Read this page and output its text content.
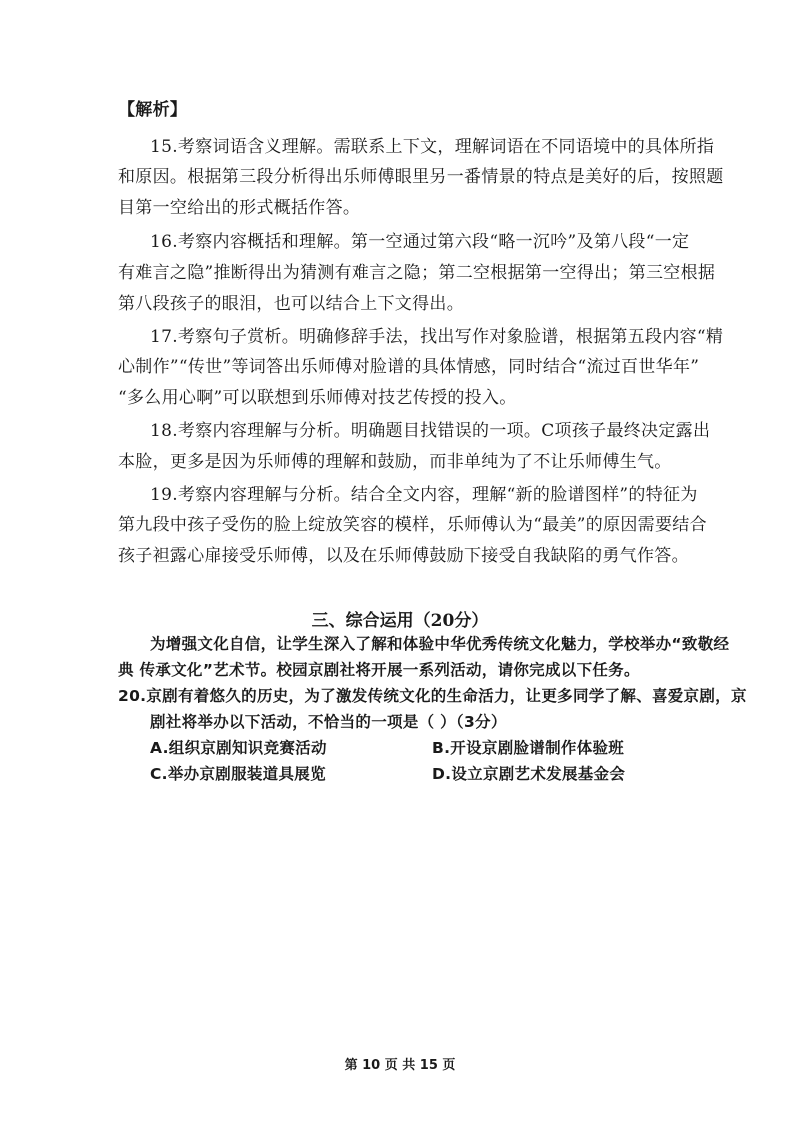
【解析】
15.考察词语含义理解。需联系上下文，理解词语在不同语境中的具体所指
和原因。根据第三段分析得出乐师傅眼里另一番情景的特点是美好的后，按照题
目第一空给出的形式概括作答。
16.考察内容概括和理解。第一空通过第六段“略一沉吟”及第八段“一定
有难言之隐”推断得出为猜测有难言之隐；第二空根据第一空得出；第三空根据
第八段孩子的眼泪，也可以结合上下文得出。
17.考察句子赏析。明确修辞手法，找出写作对象脸谱，根据第五段内容“精
心制作”“传世”等词答出乐师傅对脸谱的具体情感，同时结合“流过百世华年”
“多么用心啊”可以联想到乐师傅对技艺传授的投入。
18.考察内容理解与分析。明确题目找错误的一项。C项孩子最终决定露出
本脸，更多是因为乐师傅的理解和鼓励，而非单纯为了不让乐师傅生气。
19.考察内容理解与分析。结合全文内容，理解“新的脸谱图样”的特征为
第九段中孩子受伤的脸上绽放笑容的模样，乐师傅认为“最美”的原因需要结合
孩子袒露心扉接受乐师傅，以及在乐师傅鼓励下接受自我缺陷的勇气作答。
三、综合运用（20分）
为增强文化自信，让学生深入了解和体验中华优秀传统文化魅力，学校举办“致敬经
典 传承文化”艺术节。校园京剧社将开展一系列活动，请你完成以下任务。
20.京剧有着悠久的历史，为了激发传统文化的生命活力，让更多同学了解、喜爱京剧，京
剧社将举办以下活动，不恰当的一项是（ ）（3分）
A.组织京剧知识竞赛活动	B.开设京剧脸谱制作体验班
C.举办京剧服装道具展览	D.设立京剧艺术发展基金会
第 10 页 共 15 页
